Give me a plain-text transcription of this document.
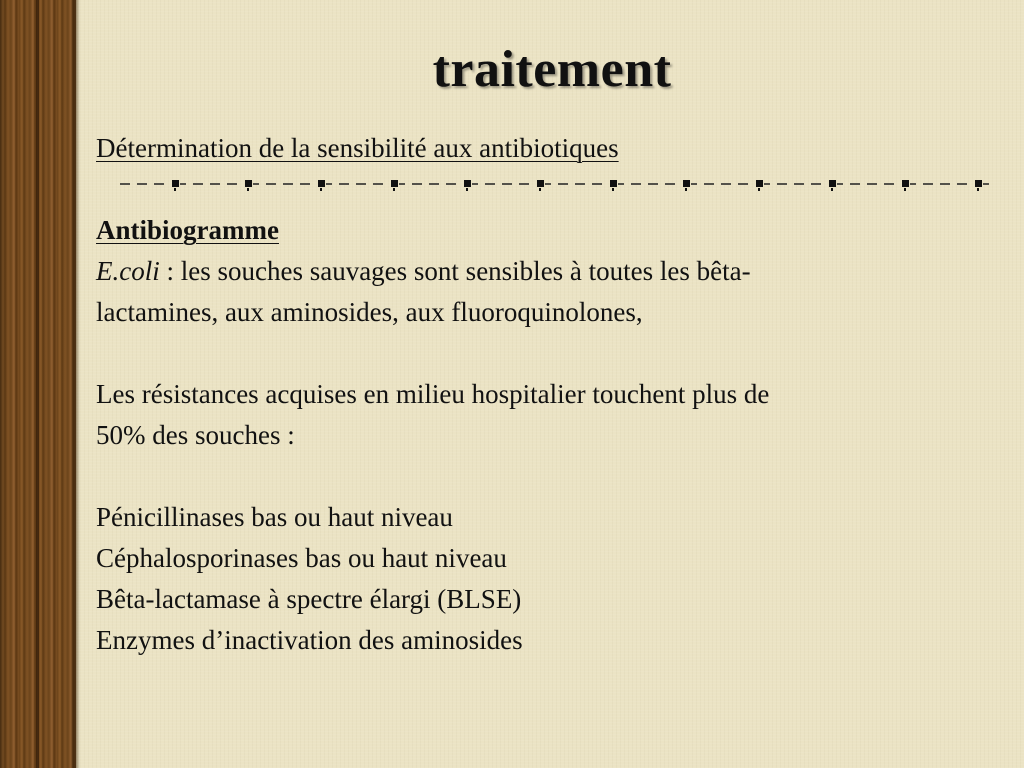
traitement

Détermination de la sensibilité aux antibiotiques

Antibiogramme

E.coli : les souches sauvages sont sensibles à toutes les bêta-

lactamines, aux aminosides, aux fluoroquinolones,

Les résistances acquises en milieu hospitalier touchent plus de

50% des souches :

Pénicillinases bas ou haut niveau

Céphalosporinases bas ou haut niveau

Bêta-lactamase à spectre élargi (BLSE)

Enzymes d’inactivation des aminosides
